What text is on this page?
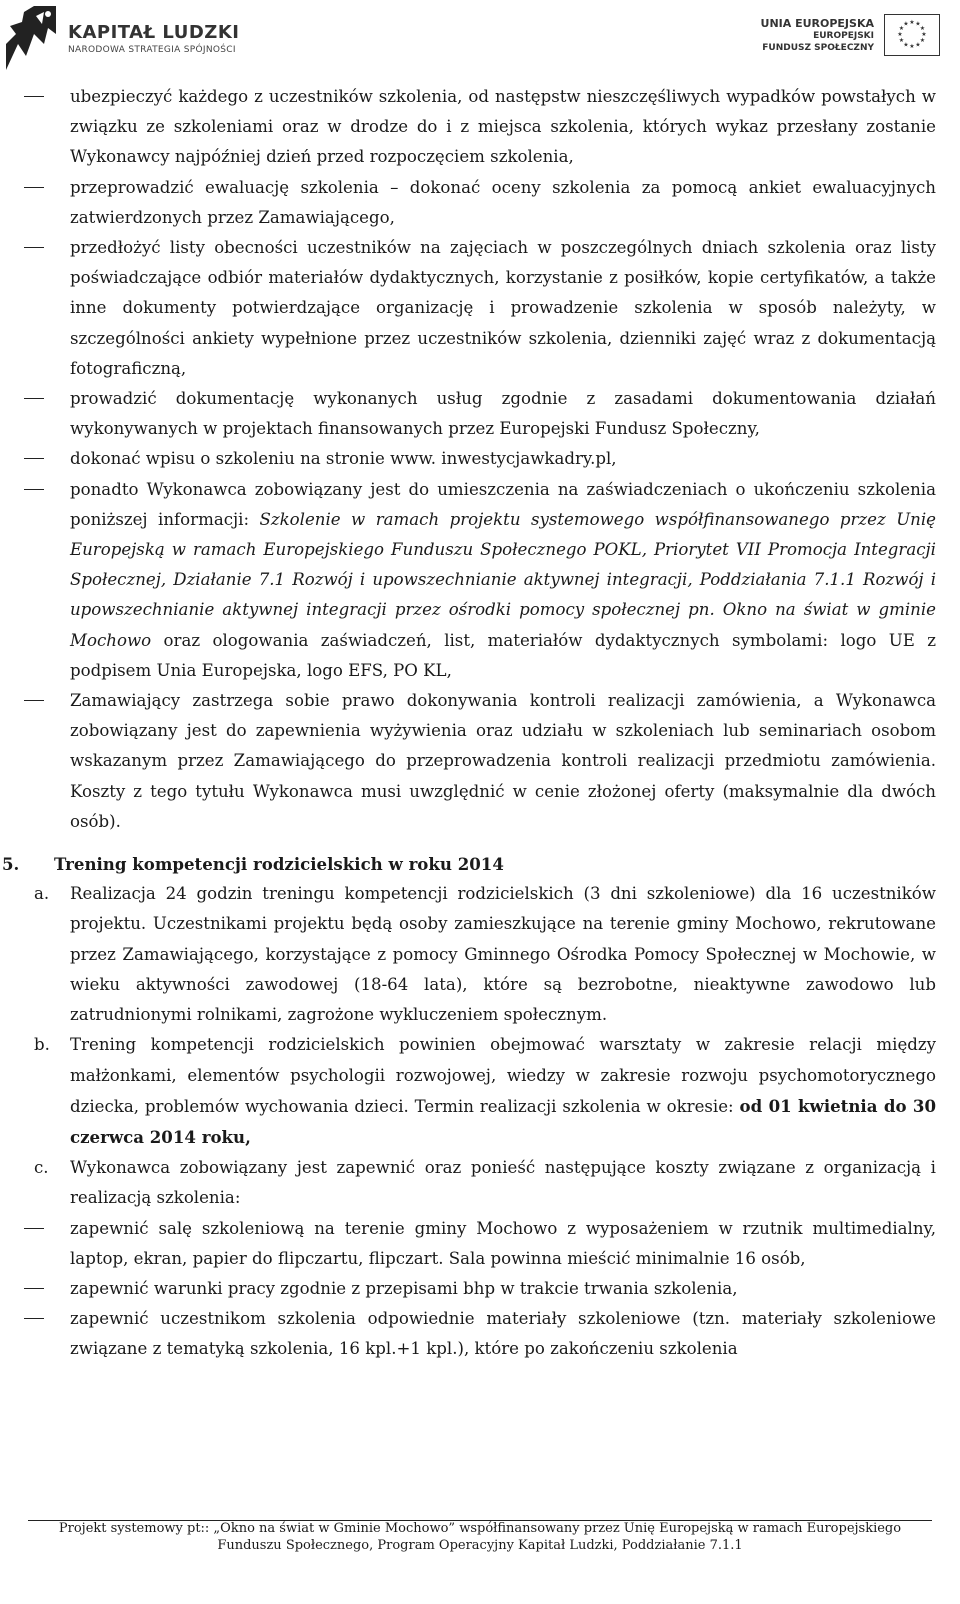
KAPITAŁ LUDZKI
NARODOWA STRATEGIA SPÓJNOŚCI
UNIA EUROPEJSKA
EUROPEJSKI
FUNDUSZ SPOŁECZNY
★ ★
★
★
★
★
★
★
★
★
★
★
ubezpieczyć każdego z uczestników szkolenia, od następstw nieszczęśliwych wypadków powstałych w związku ze szkoleniami oraz w drodze do i z miejsca szkolenia, których wykaz przesłany zostanie Wykonawcy najpóźniej dzień przed rozpoczęciem szkolenia,
przeprowadzić ewaluację szkolenia – dokonać oceny szkolenia za pomocą ankiet ewaluacyjnych zatwierdzonych przez Zamawiającego,
przedłożyć listy obecności uczestników na zajęciach w poszczególnych dniach szkolenia oraz listy poświadczające odbiór materiałów dydaktycznych, korzystanie z posiłków, kopie certyfikatów, a także inne dokumenty potwierdzające organizację i prowadzenie szkolenia w sposób należyty, w szczególności ankiety wypełnione przez uczestników szkolenia, dzienniki zajęć wraz z dokumentacją fotograficzną,
prowadzić dokumentację wykonanych usług zgodnie z zasadami dokumentowania działań wykonywanych w projektach finansowanych przez Europejski Fundusz Społeczny,
dokonać wpisu o szkoleniu na stronie www. inwestycjawkadry.pl,
ponadto Wykonawca zobowiązany jest do umieszczenia na zaświadczeniach o ukończeniu szkolenia poniższej informacji: Szkolenie w ramach projektu systemowego współfinansowanego przez Unię Europejską w ramach Europejskiego Funduszu Społecznego POKL, Priorytet VII Promocja Integracji Społecznej, Działanie 7.1 Rozwój i upowszechnianie aktywnej integracji, Poddziałania 7.1.1 Rozwój i upowszechnianie aktywnej integracji przez ośrodki pomocy społecznej pn. Okno na świat w gminie Mochowo oraz ologowania zaświadczeń, list, materiałów dydaktycznych symbolami: logo UE z podpisem Unia Europejska, logo EFS, PO KL,
Zamawiający zastrzega sobie prawo dokonywania kontroli realizacji zamówienia, a Wykonawca zobowiązany jest do zapewnienia wyżywienia oraz udziału w szkoleniach lub seminariach osobom wskazanym przez Zamawiającego do przeprowadzenia kontroli realizacji przedmiotu zamówienia. Koszty z tego tytułu Wykonawca musi uwzględnić w cenie złożonej oferty (maksymalnie dla dwóch osób).
5. Trening kompetencji rodzicielskich w roku 2014
a. Realizacja 24 godzin treningu kompetencji rodzicielskich (3 dni szkoleniowe) dla 16 uczestników projektu. Uczestnikami projektu będą osoby zamieszkujące na terenie gminy Mochowo, rekrutowane przez Zamawiającego, korzystające z pomocy Gminnego Ośrodka Pomocy Społecznej w Mochowie, w wieku aktywności zawodowej (18-64 lata), które są bezrobotne, nieaktywne zawodowo lub zatrudnionymi rolnikami, zagrożone wykluczeniem społecznym.
b. Trening kompetencji rodzicielskich powinien obejmować warsztaty w zakresie relacji między małżonkami, elementów psychologii rozwojowej, wiedzy w zakresie rozwoju psychomotorycznego dziecka, problemów wychowania dzieci. Termin realizacji szkolenia w okresie: od 01 kwietnia do 30 czerwca 2014 roku,
c. Wykonawca zobowiązany jest zapewnić oraz ponieść następujące koszty związane z organizacją i realizacją szkolenia:
zapewnić salę szkoleniową na terenie gminy Mochowo z wyposażeniem w rzutnik multimedialny, laptop, ekran, papier do flipczartu, flipczart. Sala powinna mieścić minimalnie 16 osób,
zapewnić warunki pracy zgodnie z przepisami bhp w trakcie trwania szkolenia,
zapewnić uczestnikom szkolenia odpowiednie materiały szkoleniowe (tzn. materiały szkoleniowe związane z tematyką szkolenia, 16 kpl.+1 kpl.), które po zakończeniu szkolenia
Projekt systemowy pt:: „Okno na świat w Gminie Mochowo” współfinansowany przez Unię Europejską w ramach Europejskiego
Funduszu Społecznego, Program Operacyjny Kapitał Ludzki, Poddziałanie 7.1.1
